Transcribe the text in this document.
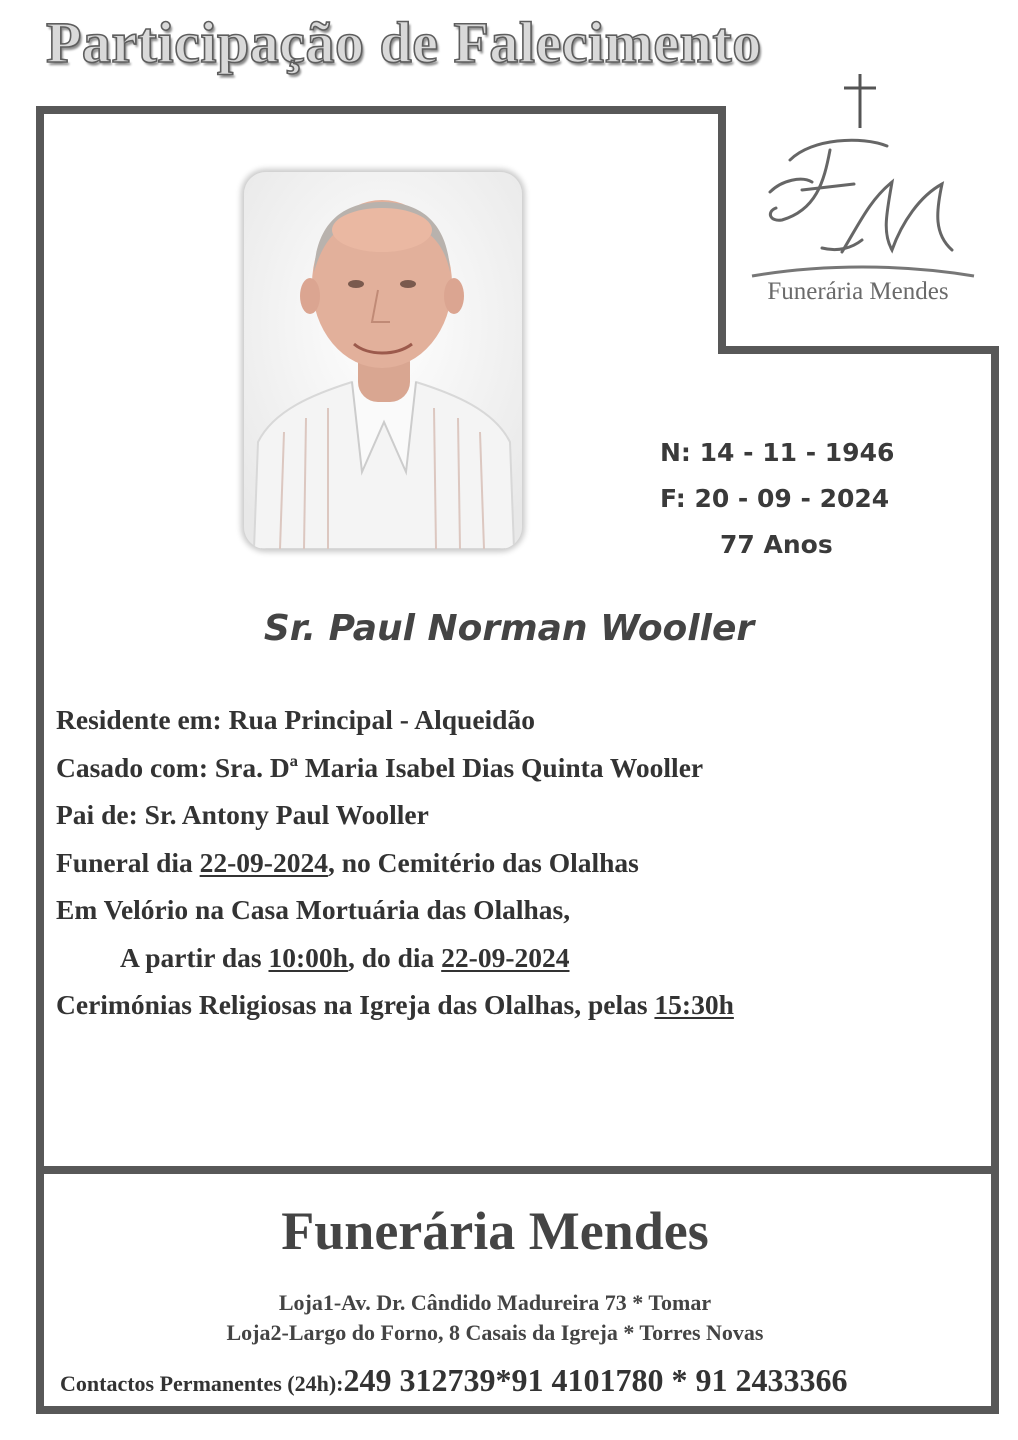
Participação de Falecimento
Funerária Mendes
N: 14 - 11 - 1946
F: 20 - 09 - 2024
77 Anos
Sr. Paul Norman Wooller
Residente em: Rua Principal - Alqueidão
Casado com: Sra. Dª Maria Isabel Dias Quinta Wooller
Pai de: Sr. Antony Paul Wooller
Funeral dia 22-09-2024, no Cemitério das Olalhas
Em Velório na Casa Mortuária das Olalhas,
A partir das 10:00h, do dia 22-09-2024
Cerimónias Religiosas na Igreja das Olalhas, pelas 15:30h
Funerária Mendes
Loja1-Av. Dr. Cândido Madureira 73 * Tomar
Loja2-Largo do Forno, 8 Casais da Igreja * Torres Novas
Contactos Permanentes (24h):249 312739*91 4101780 * 91 2433366
